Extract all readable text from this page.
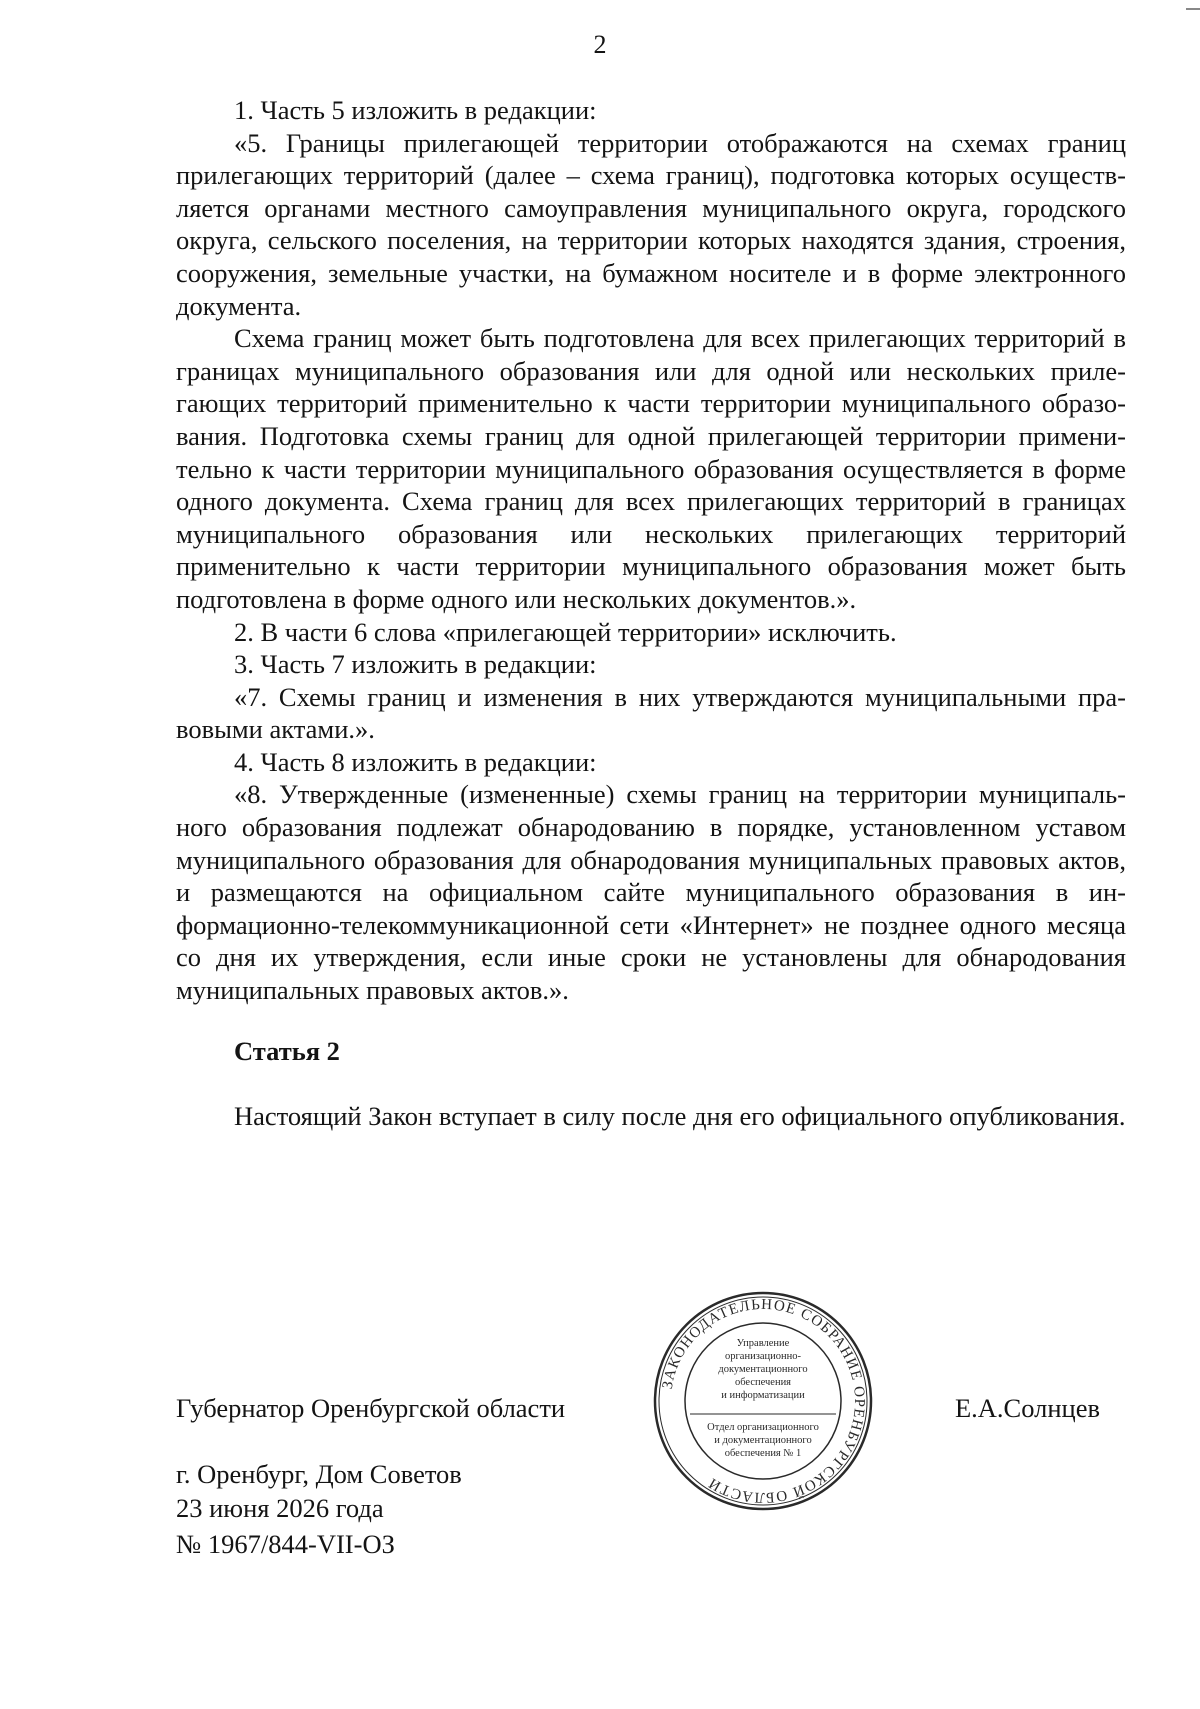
2

1. Часть 5 изложить в редакции:

«5. Границы прилегающей территории отображаются на схемах границ прилегающих территорий (далее – схема границ), подготовка которых осуществляется органами местного самоуправления муниципального округа, городского округа, сельского поселения, на территории которых находятся здания, строения, сооружения, земельные участки, на бумажном носителе и в форме электронного документа.

Схема границ может быть подготовлена для всех прилегающих территорий в границах муниципального образования или для одной или нескольких прилегающих территорий применительно к части территории муниципального образования. Подготовка схемы границ для одной прилегающей территории применительно к части территории муниципального образования осуществляется в форме одного документа. Схема границ для всех прилегающих территорий в границах муниципального образования или нескольких прилегающих территорий применительно к части территории муниципального образования может быть подготовлена в форме одного или нескольких документов.».

2. В части 6 слова «прилегающей территории» исключить.

3. Часть 7 изложить в редакции:

«7. Схемы границ и изменения в них утверждаются муниципальными правовыми актами.».

4. Часть 8 изложить в редакции:

«8. Утвержденные (измененные) схемы границ на территории муниципального образования подлежат обнародованию в порядке, установленном уставом муниципального образования для обнародования муниципальных правовых актов, и размещаются на официальном сайте муниципального образования в информационно-телекоммуникационной сети «Интернет» не позднее одного месяца со дня их утверждения, если иные сроки не установлены для обнародования муниципальных правовых актов.».

Статья 2

Настоящий Закон вступает в силу после дня его официального опубликования.

Губернатор Оренбургской области

ЗАКОНОДАТЕЛЬНОЕ СОБРАНИЕ ОРЕНБУРГСКОЙ ОБЛАСТИ
Управление
организационно-
документационного
обеспечения
и информатизации
Отдел организационного
и документационного
обеспечения № 1

Е.А.Солнцев

г. Оренбург, Дом Советов

23 июня 2026 года

№ 1967/844-VII-ОЗ
